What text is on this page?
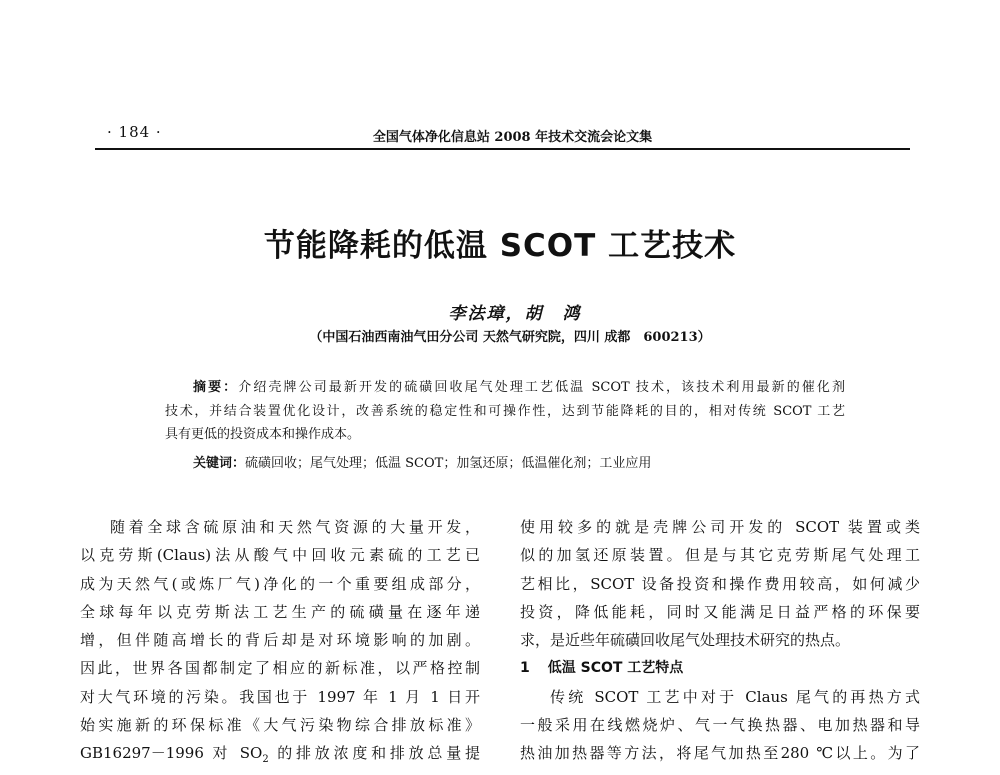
· 184 ·	全国气体净化信息站 2008 年技术交流会论文集
节能降耗的低温 SCOT 工艺技术
李法璋，胡　鸿
（中国石油西南油气田分公司 天然气研究院，四川 成都　600213）
摘要：介绍壳牌公司最新开发的硫磺回收尾气处理工艺低温 SCOT 技术，该技术利用最新的催化剂
技术，并结合装置优化设计，改善系统的稳定性和可操作性，达到节能降耗的目的，相对传统 SCOT 工艺
具有更低的投资成本和操作成本。
关键词：硫磺回收；尾气处理；低温 SCOT；加氢还原；低温催化剂；工业应用
随着全球含硫原油和天然气资源的大量开发，
以克劳斯(Claus)法从酸气中回收元素硫的工艺已
成为天然气(或炼厂气)净化的一个重要组成部分，
全球每年以克劳斯法工艺生产的硫磺量在逐年递
增，但伴随高增长的背后却是对环境影响的加剧。
因此，世界各国都制定了相应的新标准，以严格控制
对大气环境的污染。我国也于 1997 年 1 月 1 日开
始实施新的环保标准《大气污染物综合排放标准》
GB16297－1996 对 $SO_2$ 的排放浓度和排放总量提
使用较多的就是壳牌公司开发的 SCOT 装置或类
似的加氢还原装置。但是与其它克劳斯尾气处理工
艺相比，SCOT 设备投资和操作费用较高，如何减少
投资，降低能耗，同时又能满足日益严格的环保要
求，是近些年硫磺回收尾气处理技术研究的热点。
1 低温 SCOT 工艺特点
传统 SCOT 工艺中对于 Claus 尾气的再热方式
一般采用在线燃烧炉、气一气换热器、电加热器和导
热油加热器等方法，将尾气加热至280 ℃以上。为了
